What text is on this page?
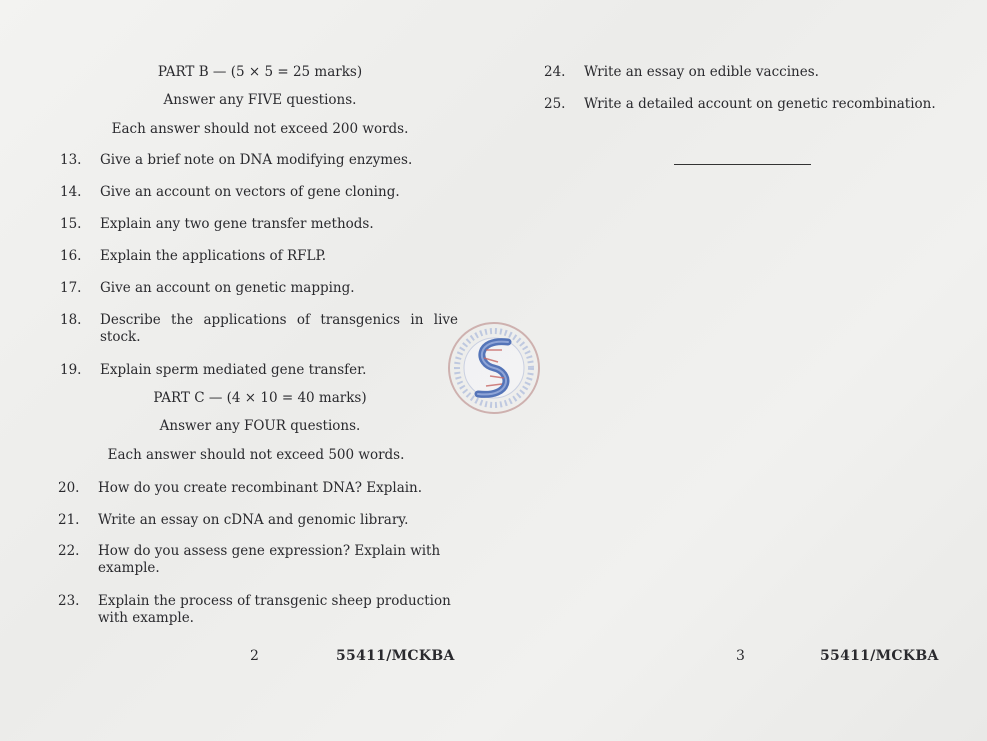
PART B — (5 × 5 = 25 marks)
Answer any FIVE questions.
Each answer should not exceed 200 words.
13.	Give a brief note on DNA modifying enzymes.
14.	Give an account on vectors of gene cloning.
15.	Explain any two gene transfer methods.
16.	Explain the applications of RFLP.
17.	Give an account on genetic mapping.
18.	Describe the applications of transgenics in live stock.
19.	Explain sperm mediated gene transfer.
PART C — (4 × 10 = 40 marks)
Answer any FOUR questions.
Each answer should not exceed 500 words.
20.	How do you create recombinant DNA? Explain.
21.	Write an essay on cDNA and genomic library.
22.	How do you assess gene expression? Explain with example.
23.	Explain the process of transgenic sheep production with example.
2	55411/MCKBA
24.	Write an essay on edible vaccines.
25.	Write a detailed account on genetic recombination.
3	55411/MCKBA
